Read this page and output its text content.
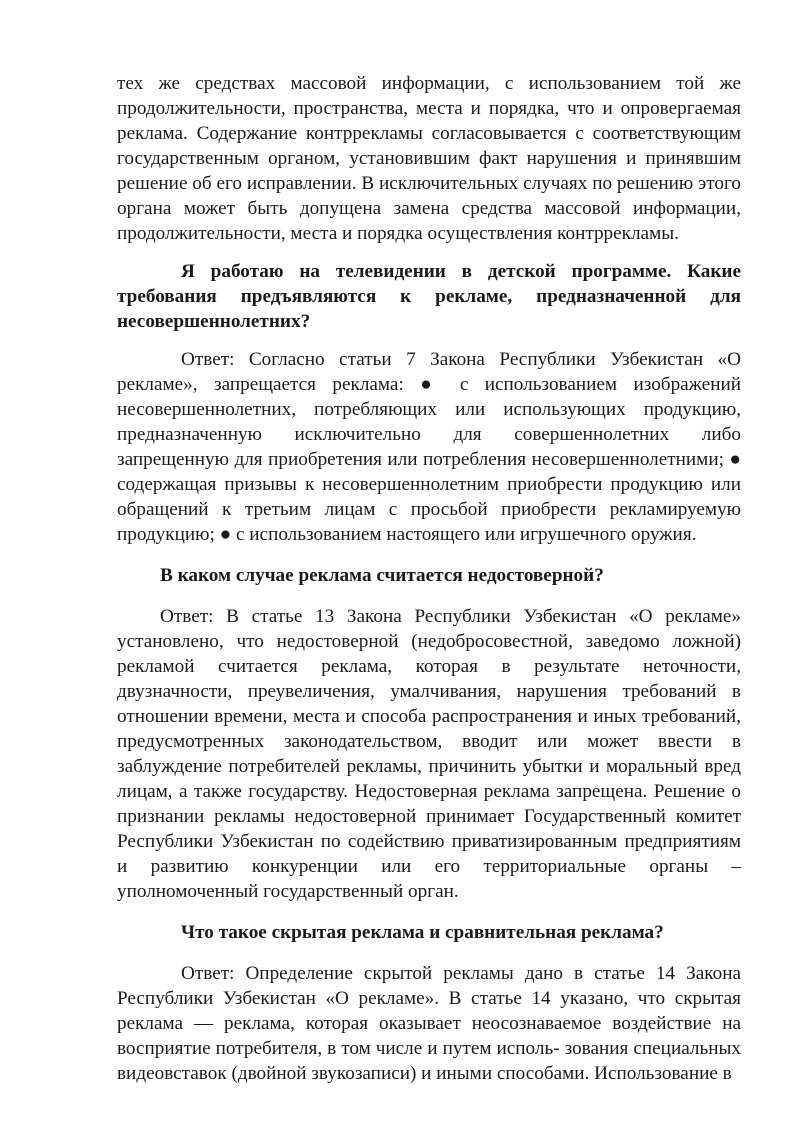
тех же средствах массовой информации, с использованием той же продолжительности, пространства, места и порядка, что и опровергаемая реклама. Содержание контррекламы согласовывается с соответствующим государственным органом, установившим факт нарушения и принявшим решение об его исправлении. В исключительных случаях по решению этого органа может быть допущена замена средства массовой информации, продолжительности, места и порядка осуществления контррекламы.

Я работаю на телевидении в детской программе. Какие требования предъявляются к рекламе, предназначенной для несовершеннолетних?

Ответ: Согласно статьи 7 Закона Республики Узбекистан «О рекламе», запрещается реклама: ● с использованием изображений несовершеннолетних, потребляющих или использующих продукцию, предназначенную исключительно для совершеннолетних либо запрещенную для приобретения или потребления несовершеннолетними; ● содержащая призывы к несовершеннолетним приобрести продукцию или обращений к третьим лицам с просьбой приобрести рекламируемую продукцию; ● с использованием настоящего или игрушечного оружия.

В каком случае реклама считается недостоверной?

Ответ: В статье 13 Закона Республики Узбекистан «О рекламе» установлено, что недостоверной (недобросовестной, заведомо ложной) рекламой считается реклама, которая в результате неточности, двузначности, преувеличения, умалчивания, нарушения требований в отношении времени, места и способа распространения и иных требований, предусмотренных законодательством, вводит или может ввести в заблуждение потребителей рекламы, причинить убытки и моральный вред лицам, а также государству. Недостоверная реклама запрещена. Решение о признании рекламы недостоверной принимает Государственный комитет Республики Узбекистан по содействию приватизированным предприятиям и развитию конкуренции или его территориальные органы – уполномоченный государственный орган.

Что такое скрытая реклама и сравнительная реклама?

Ответ: Определение скрытой рекламы дано в статье 14 Закона Республики Узбекистан «О рекламе». В статье 14 указано, что скрытая реклама — реклама, которая оказывает неосознаваемое воздействие на восприятие потребителя, в том числе и путем исполь- зования специальных видеовставок (двойной звукозаписи) и иными способами. Использование в
